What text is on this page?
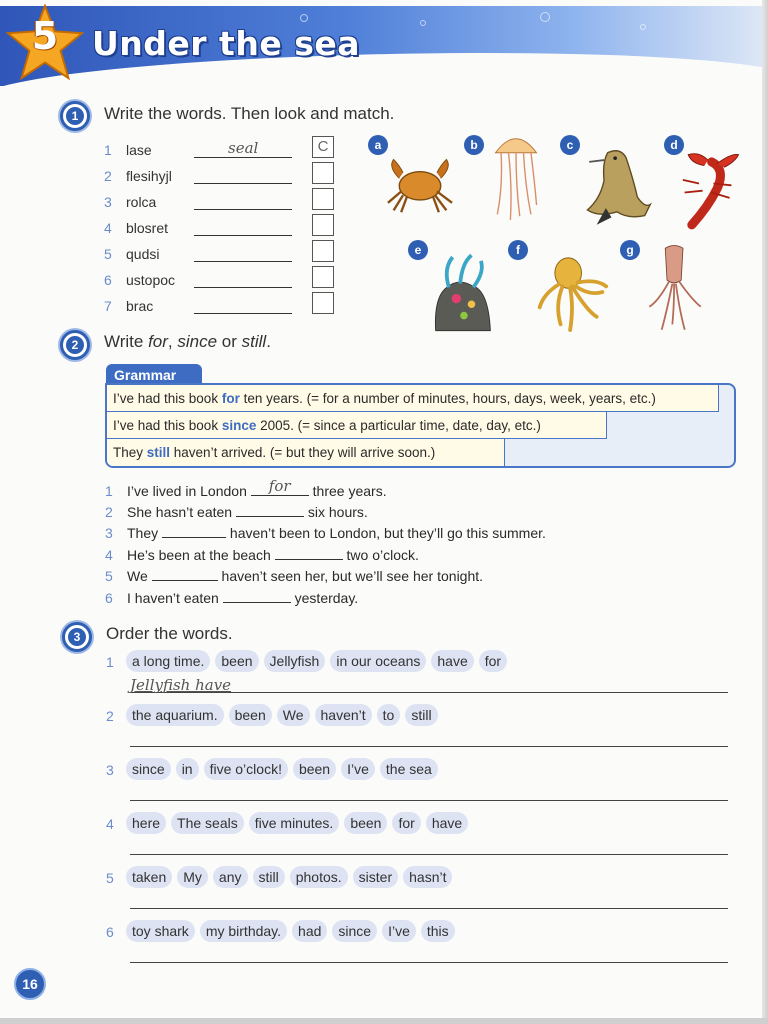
5 Under the sea
1	Write the words. Then look and match.
1 lase	seal	C
2 flesihyjl
3 rolca
4 blosret
5 qudsi
6 ustopoc
7 brac
a	b	c	d
e	f	g
2	Write for, since or still.
Grammar
I’ve had this book for ten years. (= for a number of minutes, hours, days, week, years, etc.)
I’ve had this book since 2005. (= since a particular time, date, day, etc.)
They still haven’t arrived. (= but they will arrive soon.)
1 I’ve lived in London for three years.
2 She hasn’t eaten	six hours.
3 They	haven’t been to London, but they’ll go this summer.
4 He’s been at the beach	two o’clock.
5 We	haven’t seen her, but we’ll see her tonight.
6 I haven’t eaten	yesterday.
3	Order the words.
1	a long time. been Jellyfish in our oceans have for
Jellyfish have
2	the aquarium. been We haven’t to still
3	since in five o’clock! been I’ve the sea
4	here The seals five minutes. been for have
5	taken My any still photos. sister hasn’t
6	toy shark my birthday. had since I’ve this
16
